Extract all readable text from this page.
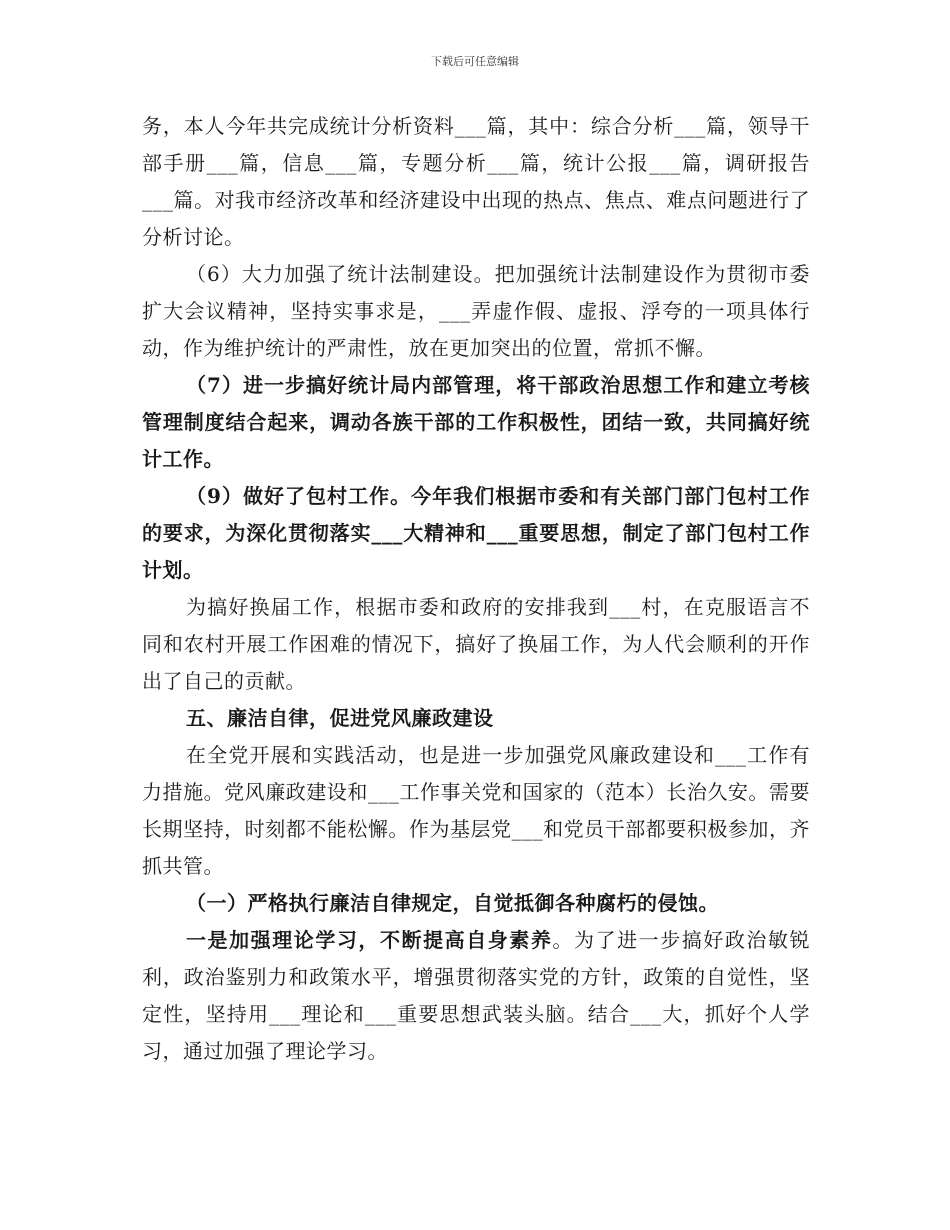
下载后可任意编辑

务，本人今年共完成统计分析资料___篇，其中：综合分析___篇，领导干部手册___篇，信息___篇，专题分析___篇，统计公报___篇，调研报告___篇。对我市经济改革和经济建设中出现的热点、焦点、难点问题进行了分析讨论。

（6）大力加强了统计法制建设。把加强统计法制建设作为贯彻市委扩大会议精神，坚持实事求是，___弄虚作假、虚报、浮夸的一项具体行动，作为维护统计的严肃性，放在更加突出的位置，常抓不懈。

（7）进一步搞好统计局内部管理，将干部政治思想工作和建立考核管理制度结合起来，调动各族干部的工作积极性，团结一致，共同搞好统计工作。

（9）做好了包村工作。今年我们根据市委和有关部门部门包村工作的要求，为深化贯彻落实___大精神和___重要思想，制定了部门包村工作计划。

为搞好换届工作，根据市委和政府的安排我到___村，在克服语言不同和农村开展工作困难的情况下，搞好了换届工作，为人代会顺利的开作出了自己的贡献。

五、廉洁自律，促进党风廉政建设

在全党开展和实践活动，也是进一步加强党风廉政建设和___工作有力措施。党风廉政建设和___工作事关党和国家的（范本）长治久安。需要长期坚持，时刻都不能松懈。作为基层党___和党员干部都要积极参加，齐抓共管。

（一）严格执行廉洁自律规定，自觉抵御各种腐朽的侵蚀。

一是加强理论学习，不断提高自身素养。为了进一步搞好政治敏锐利，政治鉴别力和政策水平，增强贯彻落实党的方针，政策的自觉性，坚定性，坚持用___理论和___重要思想武装头脑。结合___大，抓好个人学习，通过加强了理论学习。
